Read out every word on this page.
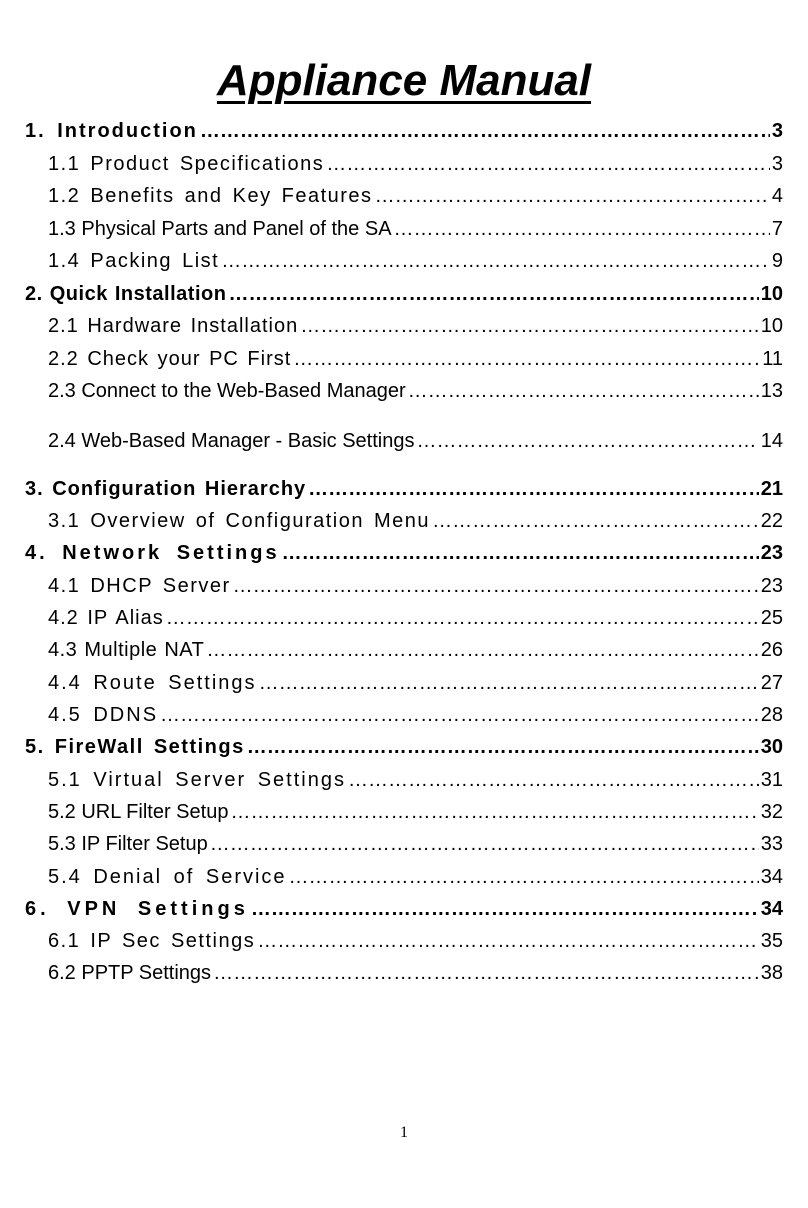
Appliance Manual
1. Introduction ……………………………………………………………………………………………………………………………………………………………………………………………………………………………………………………………………………………	3
1.1 Product Specifications ……………………………………………………………………………………………………………………………………………………………………………………………………………………………………………………………………………………	3
1.2 Benefits and Key Features ……………………………………………………………………………………………………………………………………………………………………………………………………………………………………………………………………………………	4
1.3 Physical Parts and Panel of the SA ……………………………………………………………………………………………………………………………………………………………………………………………………………………………………………………………………………………	7
1.4 Packing List ……………………………………………………………………………………………………………………………………………………………………………………………………………………………………………………………………………………	9
2. Quick Installation ……………………………………………………………………………………………………………………………………………………………………………………………………………………………………………………………………………………	10
2.1 Hardware Installation ……………………………………………………………………………………………………………………………………………………………………………………………………………………………………………………………………………………	10
2.2 Check your PC First ……………………………………………………………………………………………………………………………………………………………………………………………………………………………………………………………………………………	11
2.3 Connect to the Web-Based Manager ……………………………………………………………………………………………………………………………………………………………………………………………………………………………………………………………………………………	13
2.4 Web-Based Manager - Basic Settings ……………………………………………………………………………………………………………………………………………………………………………………………………………………………………………………………………………………	14
3. Configuration Hierarchy ……………………………………………………………………………………………………………………………………………………………………………………………………………………………………………………………………………………	21
3.1 Overview of Configuration Menu ……………………………………………………………………………………………………………………………………………………………………………………………………………………………………………………………………………………	22
4. Network Settings ……………………………………………………………………………………………………………………………………………………………………………………………………………………………………………………………………………………	23
4.1 DHCP Server ……………………………………………………………………………………………………………………………………………………………………………………………………………………………………………………………………………………	23
4.2 IP Alias ……………………………………………………………………………………………………………………………………………………………………………………………………………………………………………………………………………………	25
4.3 Multiple NAT ……………………………………………………………………………………………………………………………………………………………………………………………………………………………………………………………………………………	26
4.4 Route Settings ……………………………………………………………………………………………………………………………………………………………………………………………………………………………………………………………………………………	27
4.5 DDNS ……………………………………………………………………………………………………………………………………………………………………………………………………………………………………………………………………………………	28
5. FireWall Settings ……………………………………………………………………………………………………………………………………………………………………………………………………………………………………………………………………………………	30
5.1 Virtual Server Settings ……………………………………………………………………………………………………………………………………………………………………………………………………………………………………………………………………………………	31
5.2 URL Filter Setup ……………………………………………………………………………………………………………………………………………………………………………………………………………………………………………………………………………………	32
5.3 IP Filter Setup ……………………………………………………………………………………………………………………………………………………………………………………………………………………………………………………………………………………	33
5.4 Denial of Service ……………………………………………………………………………………………………………………………………………………………………………………………………………………………………………………………………………………	34
6. VPN Settings ……………………………………………………………………………………………………………………………………………………………………………………………………………………………………………………………………………………	34
6.1 IP Sec Settings ……………………………………………………………………………………………………………………………………………………………………………………………………………………………………………………………………………………	35
6.2 PPTP Settings ……………………………………………………………………………………………………………………………………………………………………………………………………………………………………………………………………………………	38
1
